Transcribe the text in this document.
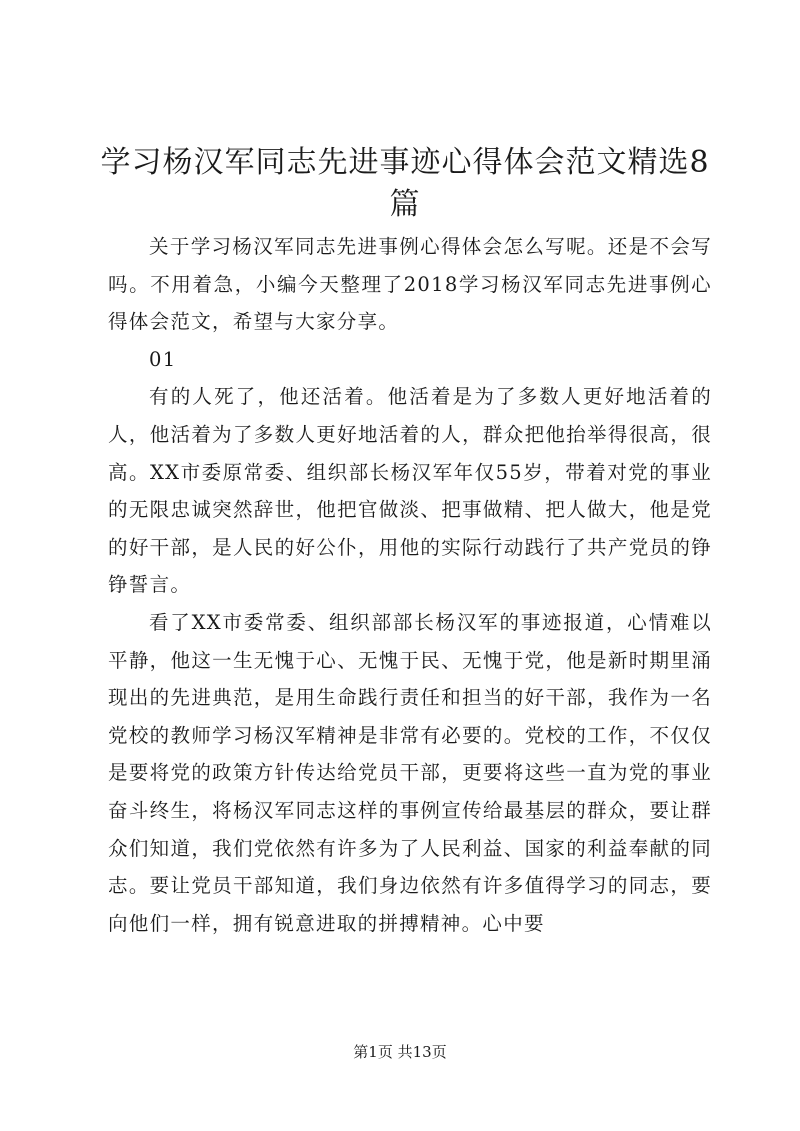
学习杨汉军同志先进事迹心得体会范文精选8篇

关于学习杨汉军同志先进事例心得体会怎么写呢。还是不会写吗。不用着急，小编今天整理了2018学习杨汉军同志先进事例心得体会范文，希望与大家分享。

01

有的人死了，他还活着。他活着是为了多数人更好地活着的人，他活着为了多数人更好地活着的人，群众把他抬举得很高，很高。XX市委原常委、组织部长杨汉军年仅55岁，带着对党的事业的无限忠诚突然辞世，他把官做淡、把事做精、把人做大，他是党的好干部，是人民的好公仆，用他的实际行动践行了共产党员的铮铮誓言。

看了XX市委常委、组织部部长杨汉军的事迹报道，心情难以平静，他这一生无愧于心、无愧于民、无愧于党，他是新时期里涌现出的先进典范，是用生命践行责任和担当的好干部，我作为一名党校的教师学习杨汉军精神是非常有必要的。党校的工作，不仅仅是要将党的政策方针传达给党员干部，更要将这些一直为党的事业奋斗终生，将杨汉军同志这样的事例宣传给最基层的群众，要让群众们知道，我们党依然有许多为了人民利益、国家的利益奉献的同志。要让党员干部知道，我们身边依然有许多值得学习的同志，要向他们一样，拥有锐意进取的拼搏精神。心中要

第1页 共13页
